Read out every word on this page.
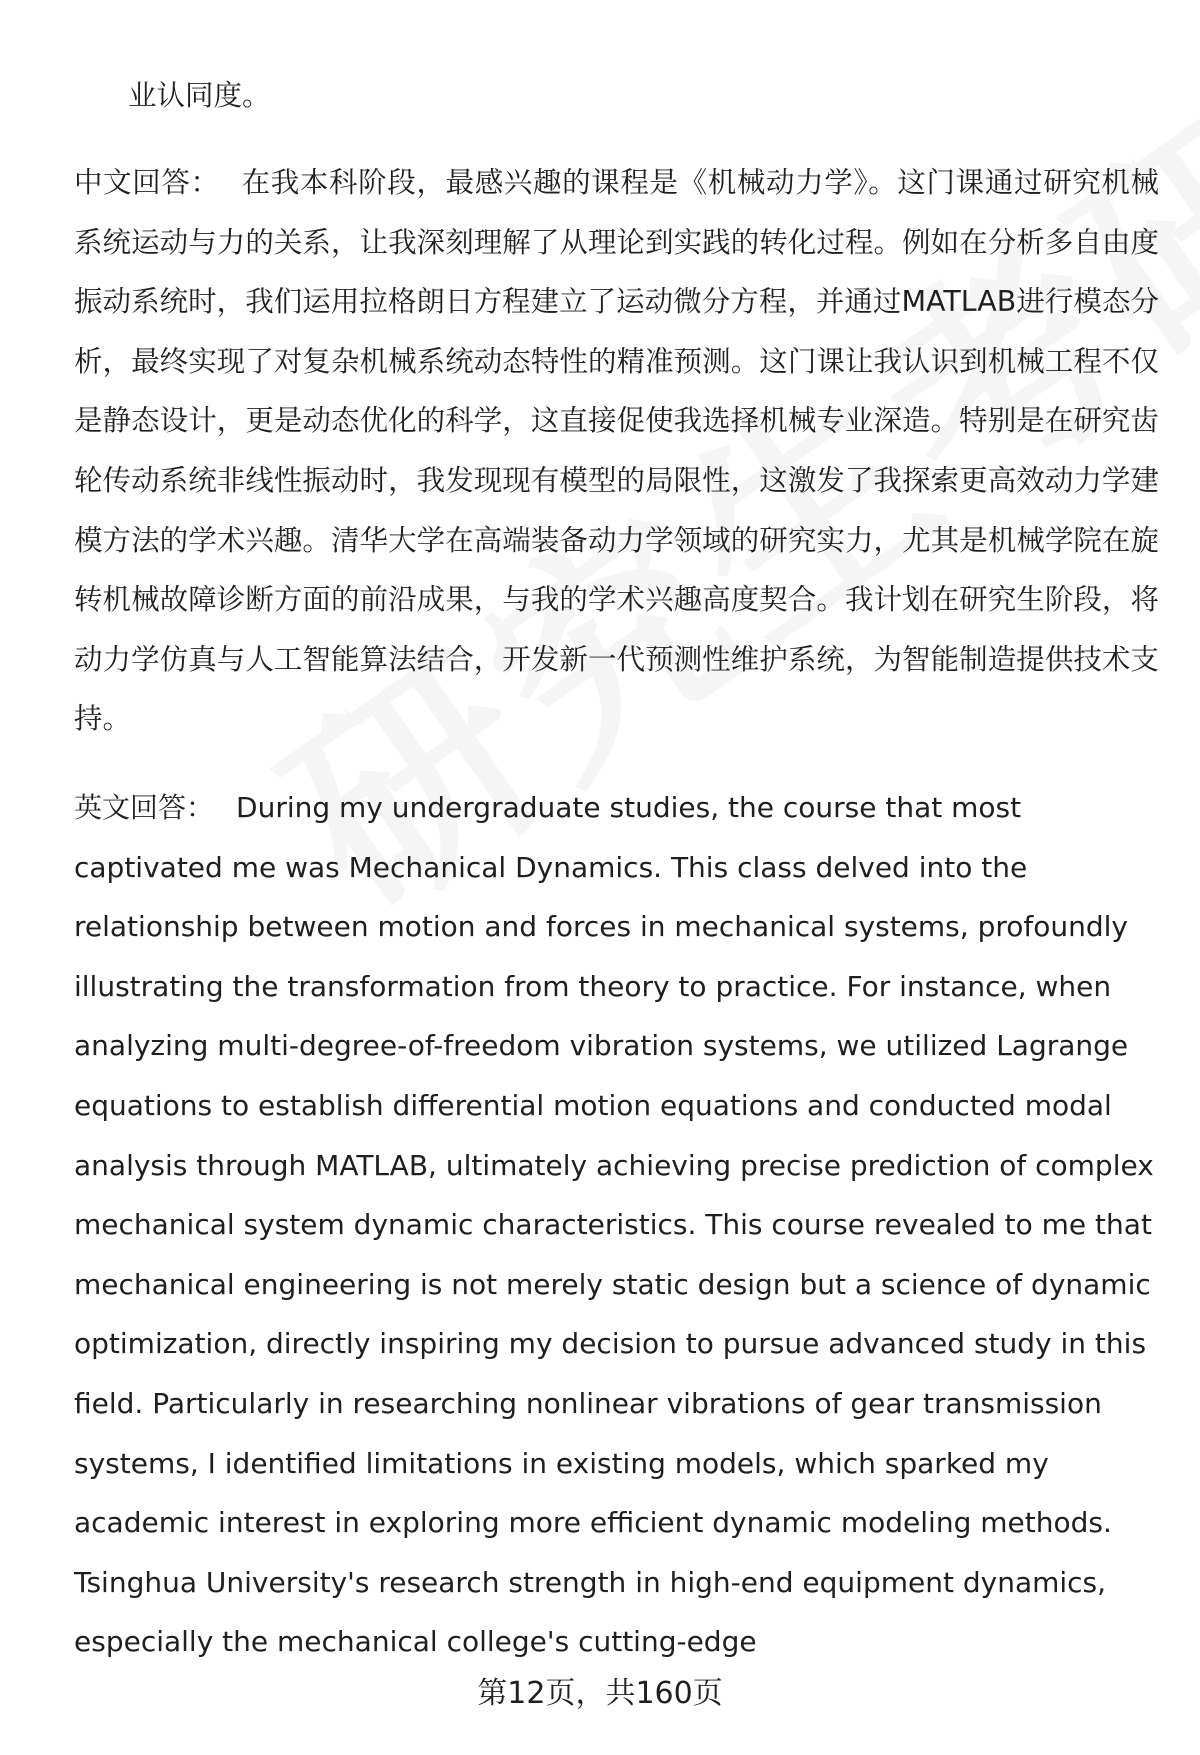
业认同度。

中文回答： 在我本科阶段，最感兴趣的课程是《机械动力学》。这门课通过研究机械系统运动与力的关系，让我深刻理解了从理论到实践的转化过程。例如在分析多自由度振动系统时，我们运用拉格朗日方程建立了运动微分方程，并通过MATLAB进行模态分析，最终实现了对复杂机械系统动态特性的精准预测。这门课让我认识到机械工程不仅是静态设计，更是动态优化的科学，这直接促使我选择机械专业深造。特别是在研究齿轮传动系统非线性振动时，我发现现有模型的局限性，这激发了我探索更高效动力学建模方法的学术兴趣。清华大学在高端装备动力学领域的研究实力，尤其是机械学院在旋转机械故障诊断方面的前沿成果，与我的学术兴趣高度契合。我计划在研究生阶段，将动力学仿真与人工智能算法结合，开发新一代预测性维护系统，为智能制造提供技术支持。

英文回答： During my undergraduate studies, the course that most captivated me was Mechanical Dynamics. This class delved into the relationship between motion and forces in mechanical systems, profoundly illustrating the transformation from theory to practice. For instance, when analyzing multi-degree-of-freedom vibration systems, we utilized Lagrange equations to establish differential motion equations and conducted modal analysis through MATLAB, ultimately achieving precise prediction of complex mechanical system dynamic characteristics. This course revealed to me that mechanical engineering is not merely static design but a science of dynamic optimization, directly inspiring my decision to pursue advanced study in this field. Particularly in researching nonlinear vibrations of gear transmission systems, I identified limitations in existing models, which sparked my academic interest in exploring more efficient dynamic modeling methods. Tsinghua University's research strength in high-end equipment dynamics, especially the mechanical college's cutting-edge

第12页，共160页
